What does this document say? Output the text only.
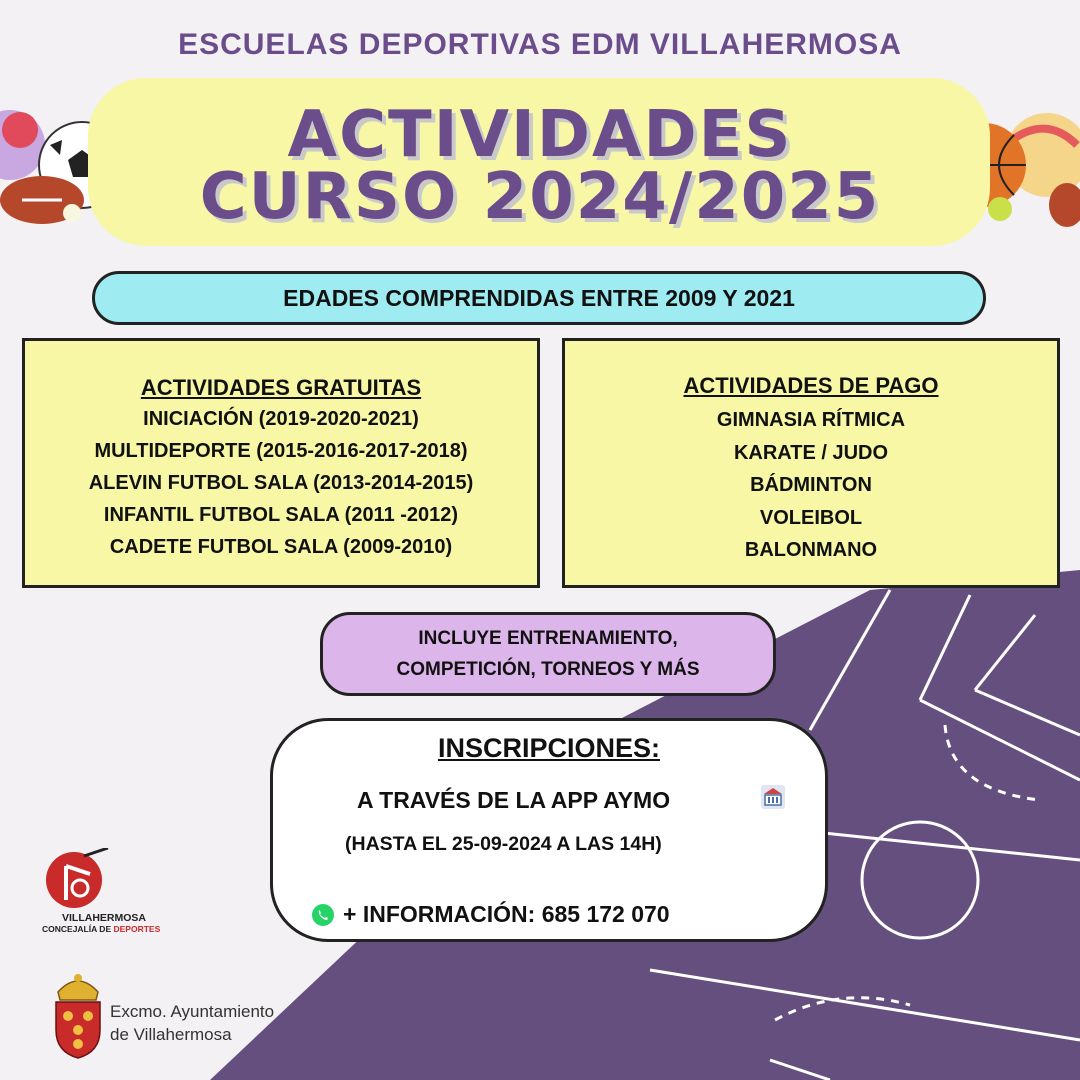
ESCUELAS DEPORTIVAS EDM VILLAHERMOSA
ACTIVIDADES
CURSO 2024/2025
EDADES COMPRENDIDAS ENTRE 2009 Y 2021
ACTIVIDADES GRATUITAS
INICIACIÓN (2019-2020-2021)
MULTIDEPORTE (2015-2016-2017-2018)
ALEVIN FUTBOL SALA (2013-2014-2015)
INFANTIL FUTBOL SALA (2011 -2012)
CADETE FUTBOL SALA (2009-2010)
ACTIVIDADES DE PAGO
GIMNASIA RÍTMICA
KARATE / JUDO
BÁDMINTON
VOLEIBOL
BALONMANO
INCLUYE ENTRENAMIENTO,
COMPETICIÓN, TORNEOS Y MÁS
INSCRIPCIONES:
A TRAVÉS DE LA APP AYMO
(HASTA EL 25-09-2024 A LAS 14H)
+ INFORMACIÓN: 685 172 070
VILLAHERMOSA
CONCEJALÍA DE DEPORTES
Excmo. Ayuntamiento
de Villahermosa
